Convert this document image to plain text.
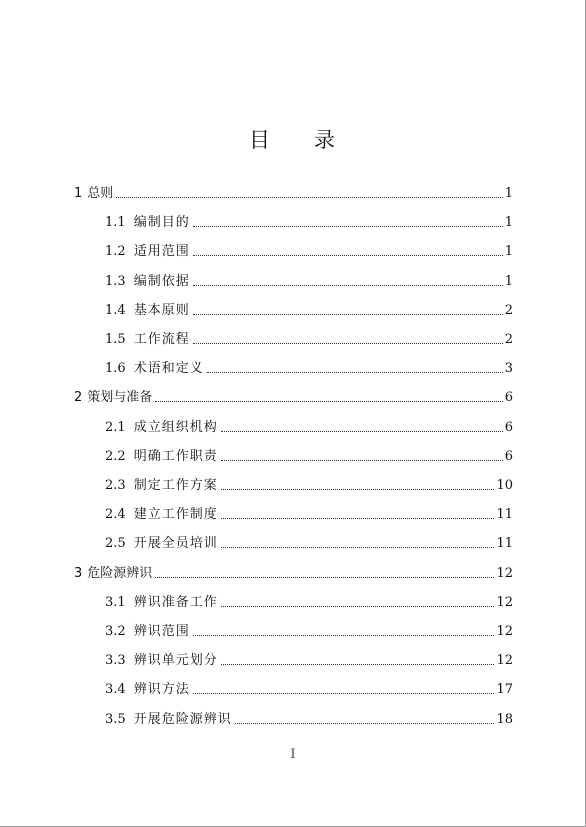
目 录
1 总则	1
1.1 编制目的	1
1.2 适用范围	1
1.3 编制依据	1
1.4 基本原则	2
1.5 工作流程	2
1.6 术语和定义	3
2 策划与准备	6
2.1 成立组织机构	6
2.2 明确工作职责	6
2.3 制定工作方案	10
2.4 建立工作制度	11
2.5 开展全员培训	11
3 危险源辨识	12
3.1 辨识准备工作	12
3.2 辨识范围	12
3.3 辨识单元划分	12
3.4 辨识方法	17
3.5 开展危险源辨识	18
I
